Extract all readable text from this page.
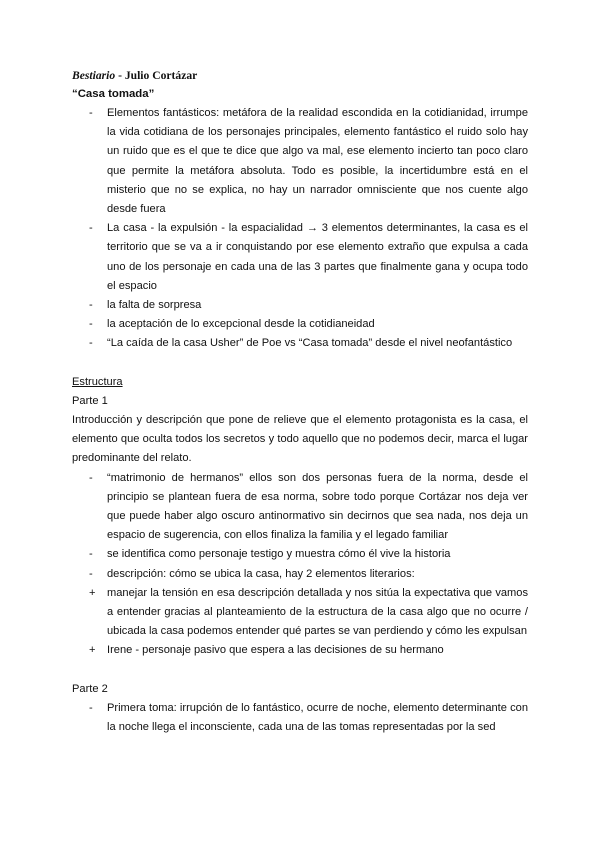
Bestiario - Julio Cortázar
“Casa tomada”
- Elementos fantásticos: metáfora de la realidad escondida en la cotidianidad, irrumpe la vida cotidiana de los personajes principales, elemento fantástico el ruido solo hay un ruido que es el que te dice que algo va mal, ese elemento incierto tan poco claro que permite la metáfora absoluta. Todo es posible, la incertidumbre está en el misterio que no se explica, no hay un narrador omnisciente que nos cuente algo desde fuera
- La casa - la expulsión - la espacialidad → 3 elementos determinantes, la casa es el territorio que se va a ir conquistando por ese elemento extraño que expulsa a cada uno de los personaje en cada una de las 3 partes que finalmente gana y ocupa todo el espacio
- la falta de sorpresa
- la aceptación de lo excepcional desde la cotidianeidad
- “La caída de la casa Usher” de Poe vs “Casa tomada” desde el nivel neofantástico
Estructura
Parte 1

Introducción y descripción que pone de relieve que el elemento protagonista es la casa, el elemento que oculta todos los secretos y todo aquello que no podemos decir, marca el lugar predominante del relato.

- “matrimonio de hermanos” ellos son dos personas fuera de la norma, desde el principio se plantean fuera de esa norma, sobre todo porque Cortázar nos deja ver que puede haber algo oscuro antinormativo sin decirnos que sea nada, nos deja un espacio de sugerencia, con ellos finaliza la familia y el legado familiar
- se identifica como personaje testigo y muestra cómo él vive la historia
- descripción: cómo se ubica la casa, hay 2 elementos literarios:
+ manejar la tensión en esa descripción detallada y nos sitúa la expectativa que vamos a entender gracias al planteamiento de la estructura de la casa algo que no ocurre / ubicada la casa podemos entender qué partes se van perdiendo y cómo les expulsan
+ Irene - personaje pasivo que espera a las decisiones de su hermano
Parte 2
- Primera toma: irrupción de lo fantástico, ocurre de noche, elemento determinante con la noche llega el inconsciente, cada una de las tomas representadas por la sed
